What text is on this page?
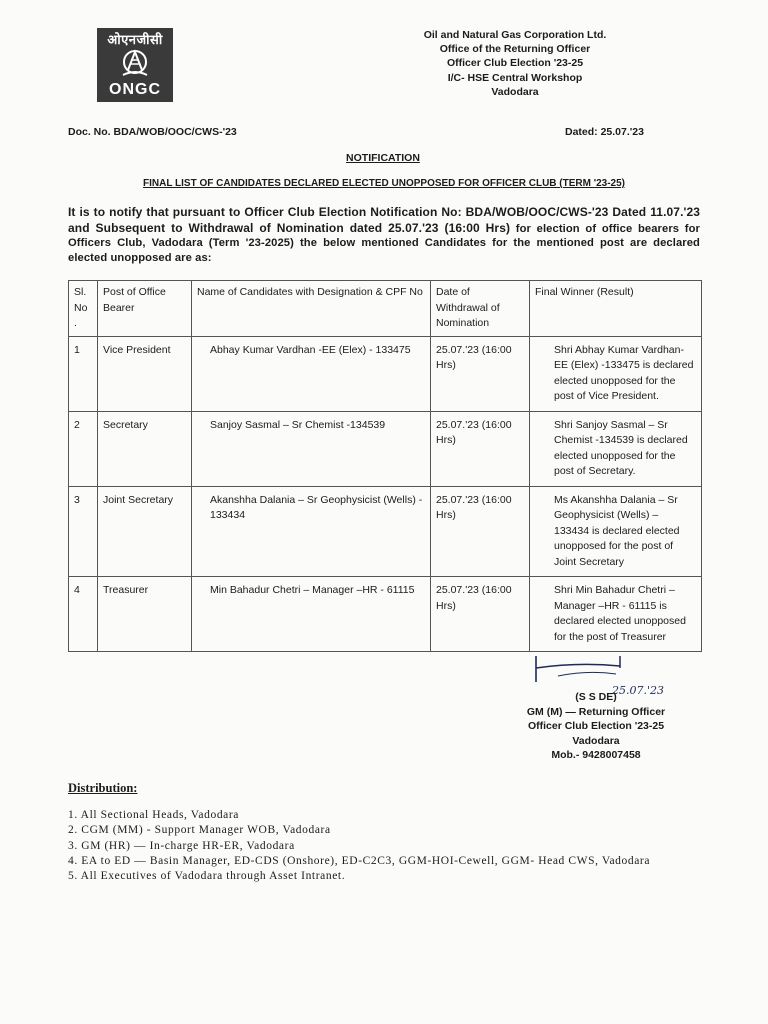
ओएनजीसी
ONGC
Oil and Natural Gas Corporation Ltd.
Office of the Returning Officer
Officer Club Election '23-25
I/C- HSE Central Workshop
Vadodara
Doc. No. BDA/WOB/OOC/CWS-'23	Dated: 25.07.'23
NOTIFICATION
FINAL LIST OF CANDIDATES DECLARED ELECTED UNOPPOSED FOR OFFICER CLUB (TERM '23-25)
It is to notify that pursuant to Officer Club Election Notification No: BDA/WOB/OOC/CWS-'23 Dated 11.07.'23 and Subsequent to Withdrawal of Nomination dated 25.07.'23 (16:00 Hrs) for election of office bearers for Officers Club, Vadodara (Term '23-2025) the below mentioned Candidates for the mentioned post are declared elected unopposed are as:
Sl. No .	Post of Office Bearer	Name of Candidates with Designation & CPF No	Date of Withdrawal of Nomination	Final Winner (Result)
1	Vice President	Abhay Kumar Vardhan -EE (Elex) - 133475	25.07.'23 (16:00 Hrs)	Shri Abhay Kumar Vardhan- EE (Elex) -133475 is declared elected unopposed for the post of Vice President.
2	Secretary	Sanjoy Sasmal – Sr Chemist -134539	25.07.'23 (16:00 Hrs)	Shri Sanjoy Sasmal – Sr Chemist -134539 is declared elected unopposed for the post of Secretary.
3	Joint Secretary	Akanshha Dalania – Sr Geophysicist (Wells) - 133434	25.07.'23 (16:00 Hrs)	Ms Akanshha Dalania – Sr Geophysicist (Wells) – 133434 is declared elected unopposed for the post of Joint Secretary
4	Treasurer	Min Bahadur Chetri – Manager –HR - 61115	25.07.'23 (16:00 Hrs)	Shri Min Bahadur Chetri – Manager –HR - 61115 is declared elected unopposed for the post of Treasurer
25.07.'23
(S S DE)
GM (M) — Returning Officer
Officer Club Election '23-25
Vadodara
Mob.- 9428007458
Distribution:
1. All Sectional Heads, Vadodara
2. CGM (MM) - Support Manager WOB, Vadodara
3. GM (HR) — In-charge HR-ER, Vadodara
4. EA to ED — Basin Manager, ED-CDS (Onshore), ED-C2C3, GGM-HOI-Cewell, GGM- Head CWS, Vadodara
5. All Executives of Vadodara through Asset Intranet.
